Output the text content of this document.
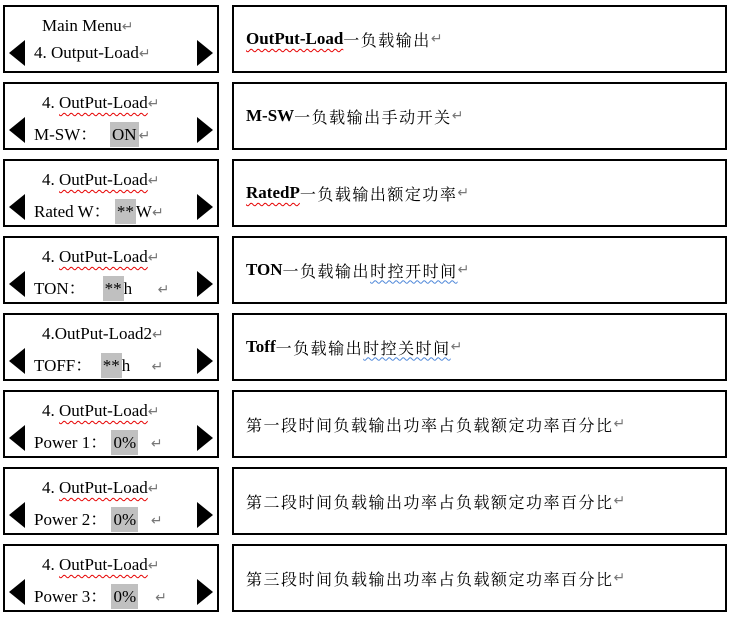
Main Menu↵
4. Output-Load↵
OutPut-Load 一负载输出 ↵
4. OutPut-Load↵
M-SW：   ON ↵
M-SW 一负载输出手动开关 ↵
4. OutPut-Load↵
Rated W： ** W↵
RatedP 一负载输出额定功率 ↵
4. OutPut-Load↵
TON：    ** h ↵
TON 一负载输出 时控开时间 ↵
4.OutPut-Load2↵
TOFF：  ** h ↵
Toff 一负载输出 时控关时间 ↵
4. OutPut-Load↵
Power 1： 0% ↵
第一段时间负载输出功率占负载额定功率百分比 ↵
4. OutPut-Load↵
Power 2： 0% ↵
第二段时间负载输出功率占负载额定功率百分比 ↵
4. OutPut-Load↵
Power 3： 0% ↵
第三段时间负载输出功率占负载额定功率百分比 ↵
